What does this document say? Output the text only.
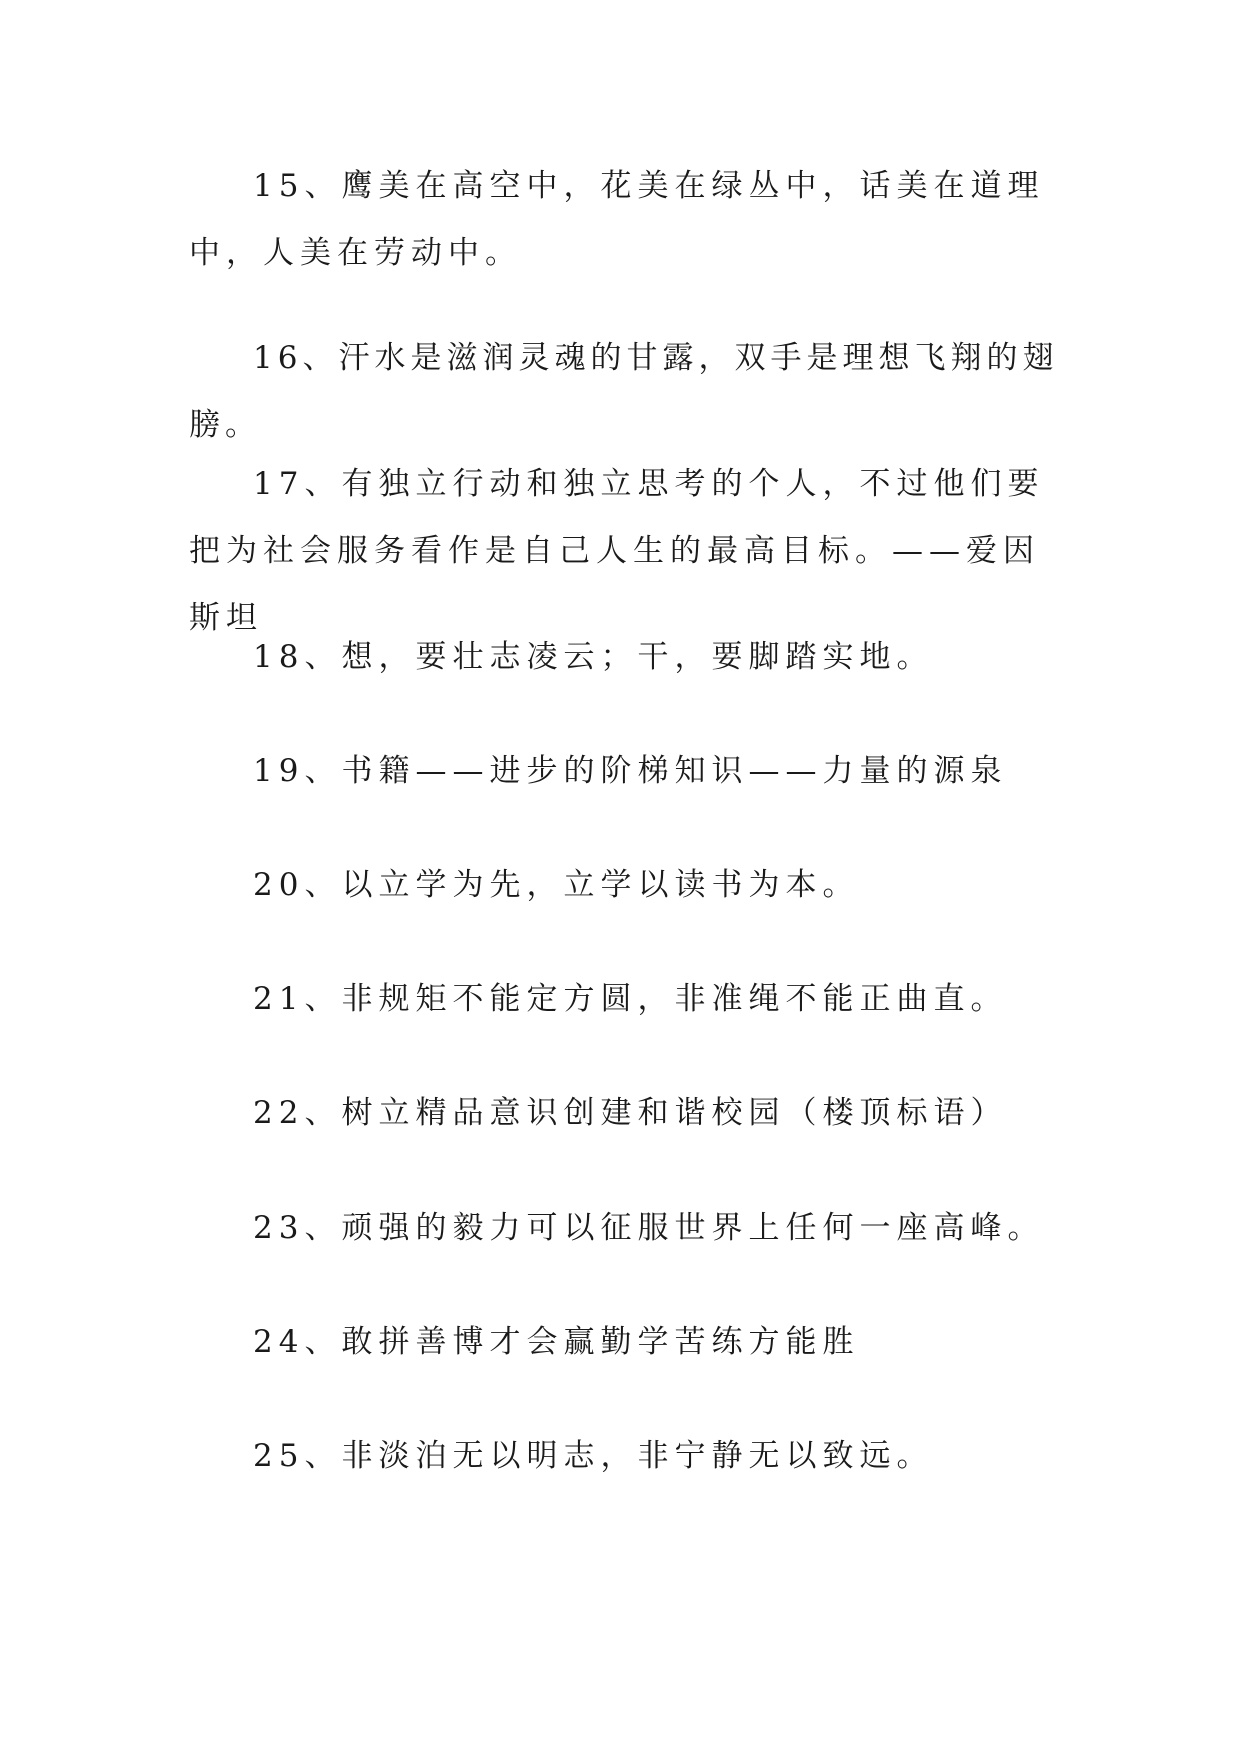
15、鹰美在高空中，花美在绿丛中，话美在道理中，人美在劳动中。

16、汗水是滋润灵魂的甘露，双手是理想飞翔的翅膀。

17、有独立行动和独立思考的个人，不过他们要把为社会服务看作是自己人生的最高目标。——爱因斯坦

18、想，要壮志凌云；干，要脚踏实地。

19、书籍——进步的阶梯知识——力量的源泉

20、以立学为先，立学以读书为本。

21、非规矩不能定方圆，非准绳不能正曲直。

22、树立精品意识创建和谐校园（楼顶标语）

23、顽强的毅力可以征服世界上任何一座高峰。

24、敢拼善博才会赢勤学苦练方能胜

25、非淡泊无以明志，非宁静无以致远。
